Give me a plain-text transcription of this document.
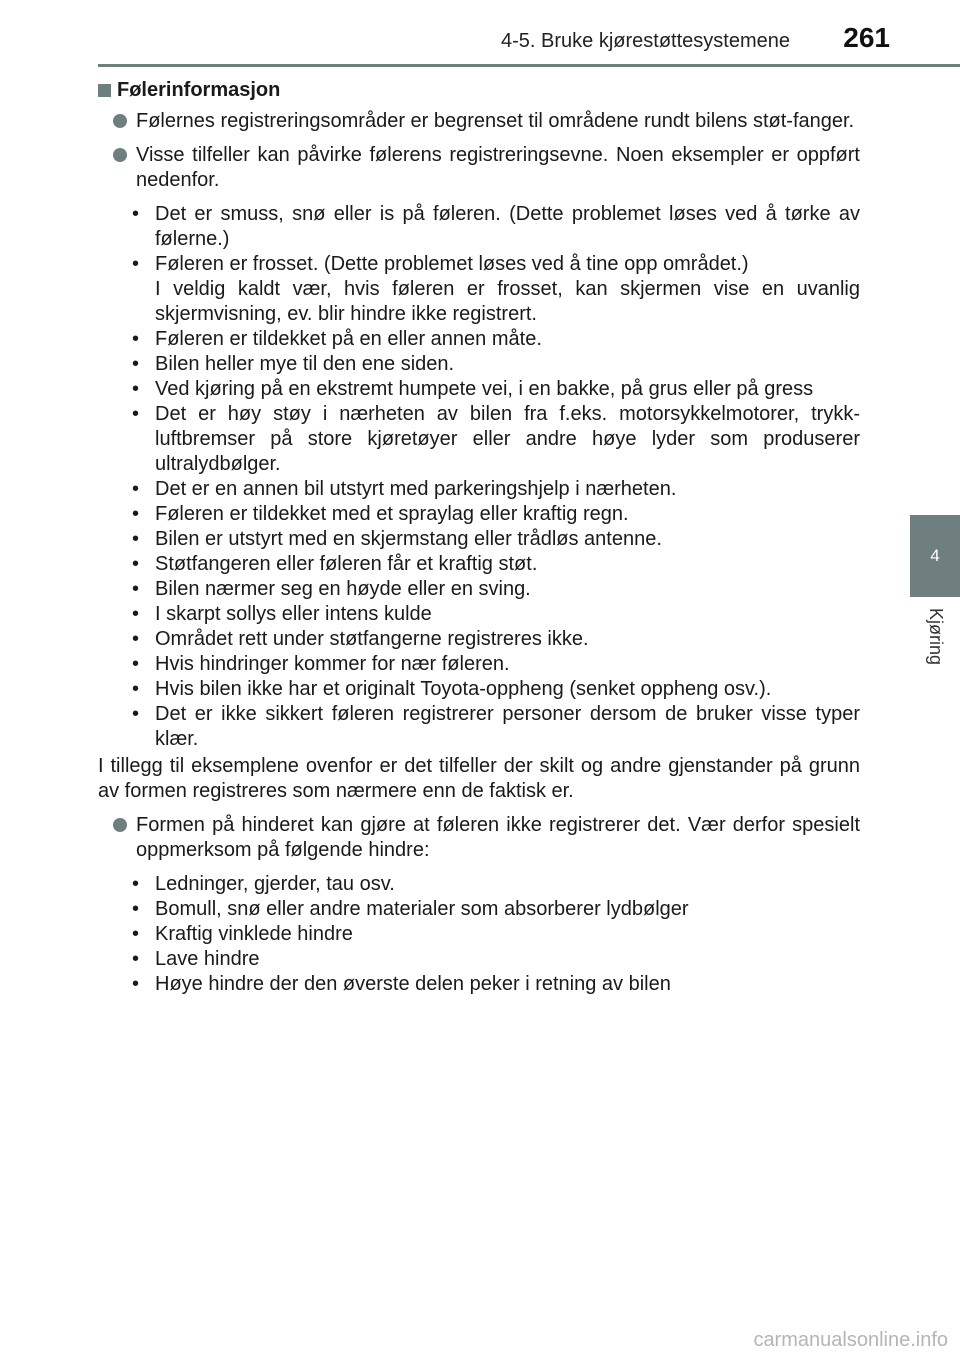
4-5. Bruke kjørestøttesystemene 261
4
Kjøring
Følerinformasjon
Følernes registreringsområder er begrenset til områdene rundt bilens støt-fanger.
Visse tilfeller kan påvirke følerens registreringsevne. Noen eksempler er oppført nedenfor.
• Det er smuss, snø eller is på føleren. (Dette problemet løses ved å tørke av følerne.)
• Føleren er frosset. (Dette problemet løses ved å tine opp området.)
I veldig kaldt vær, hvis føleren er frosset, kan skjermen vise en uvanlig skjermvisning, ev. blir hindre ikke registrert.
• Føleren er tildekket på en eller annen måte.
• Bilen heller mye til den ene siden.
• Ved kjøring på en ekstremt humpete vei, i en bakke, på grus eller på gress
• Det er høy støy i nærheten av bilen fra f.eks. motorsykkelmotorer, trykk-luftbremser på store kjøretøyer eller andre høye lyder som produserer ultralydbølger.
• Det er en annen bil utstyrt med parkeringshjelp i nærheten.
• Føleren er tildekket med et spraylag eller kraftig regn.
• Bilen er utstyrt med en skjermstang eller trådløs antenne.
• Støtfangeren eller føleren får et kraftig støt.
• Bilen nærmer seg en høyde eller en sving.
• I skarpt sollys eller intens kulde
• Området rett under støtfangerne registreres ikke.
• Hvis hindringer kommer for nær føleren.
• Hvis bilen ikke har et originalt Toyota-oppheng (senket oppheng osv.).
• Det er ikke sikkert føleren registrerer personer dersom de bruker visse typer klær.
I tillegg til eksemplene ovenfor er det tilfeller der skilt og andre gjenstander på grunn av formen registreres som nærmere enn de faktisk er.
Formen på hinderet kan gjøre at føleren ikke registrerer det. Vær derfor spesielt oppmerksom på følgende hindre:
• Ledninger, gjerder, tau osv.
• Bomull, snø eller andre materialer som absorberer lydbølger
• Kraftig vinklede hindre
• Lave hindre
• Høye hindre der den øverste delen peker i retning av bilen
carmanualsonline.info
